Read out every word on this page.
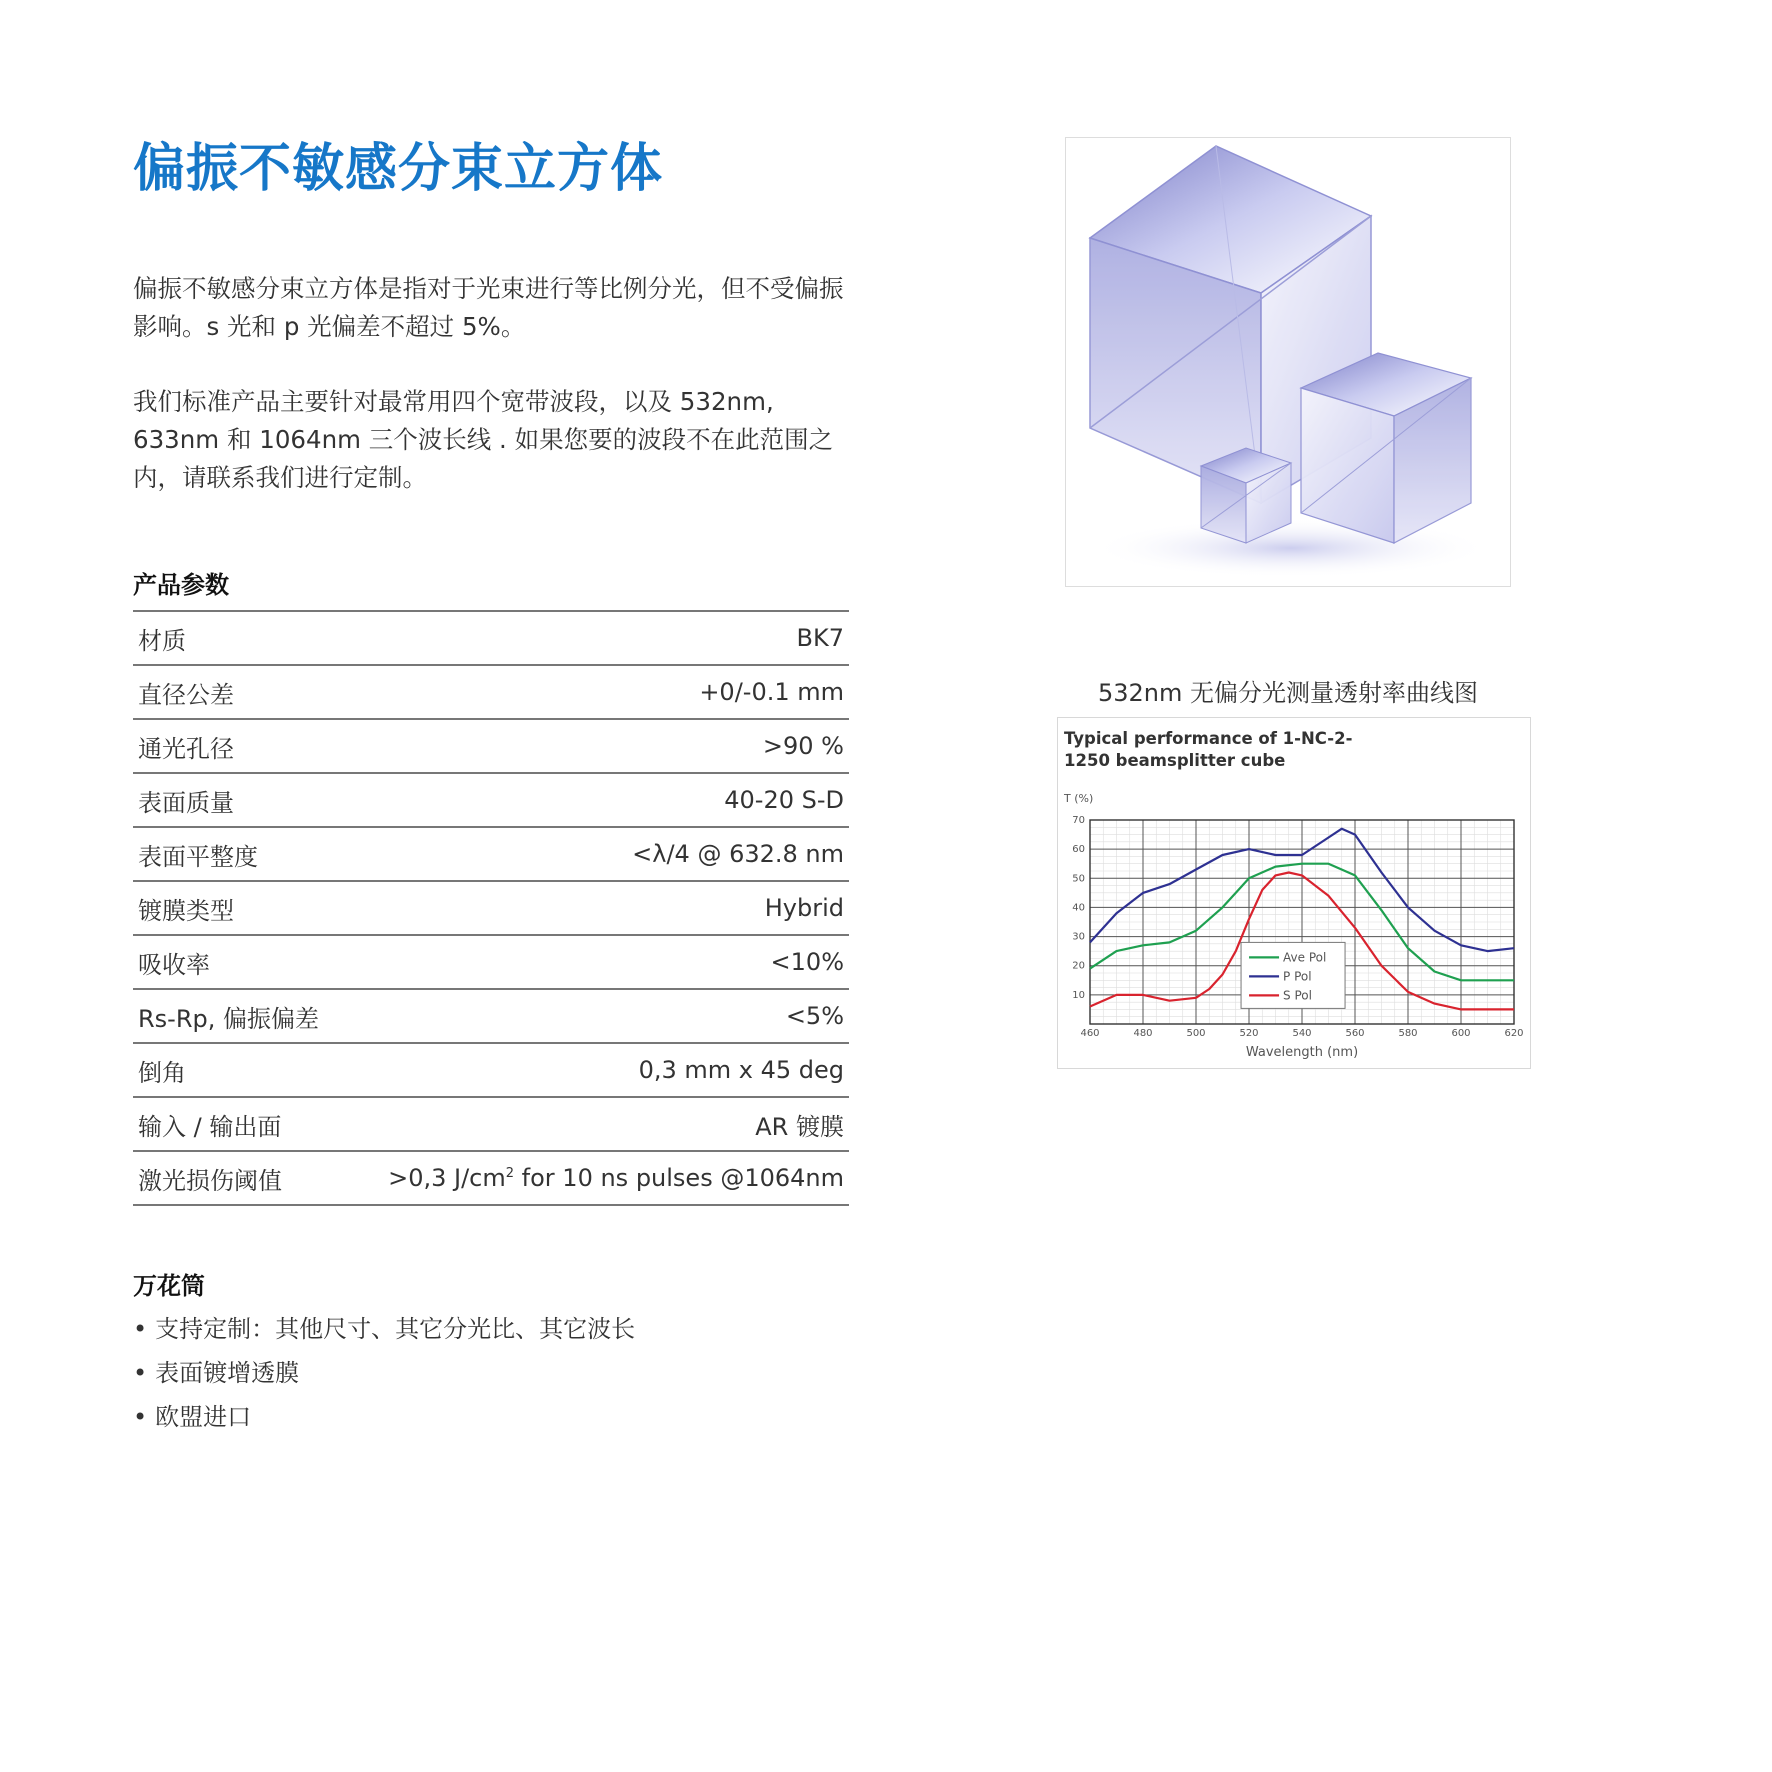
偏振不敏感分束立方体

偏振不敏感分束立方体是指对于光束进行等比例分光，但不受偏振影响。s 光和 p 光偏差不超过 5%。

我们标准产品主要针对最常用四个宽带波段，以及 532nm, 633nm 和 1064nm 三个波长线 . 如果您要的波段不在此范围之内，请联系我们进行定制。

产品参数
材质	BK7
直径公差	+0/-0.1 mm
通光孔径	>90 %
表面质量	40-20 S-D
表面平整度	<λ/4 @ 632.8 nm
镀膜类型	Hybrid
吸收率	<10%
Rs-Rp, 偏振偏差	<5%
倒角	0,3 mm x 45 deg
输入 / 输出面	AR 镀膜
激光损伤阈值	>0,3 $J/cm^2$ for 10 ns pulses @1064nm
万花筒
• 支持定制：其他尺寸、其它分光比、其它波长
• 表面镀增透膜
• 欧盟进口

532nm 无偏分光测量透射率曲线图

460	480	500	520	540	560	580	600	620
10
20
30
40
50
60
70
T (%)
Wavelength (nm)
Ave Pol
P Pol
S Pol

Typical performance of 1-NC-2-1250 beamsplitter cube
